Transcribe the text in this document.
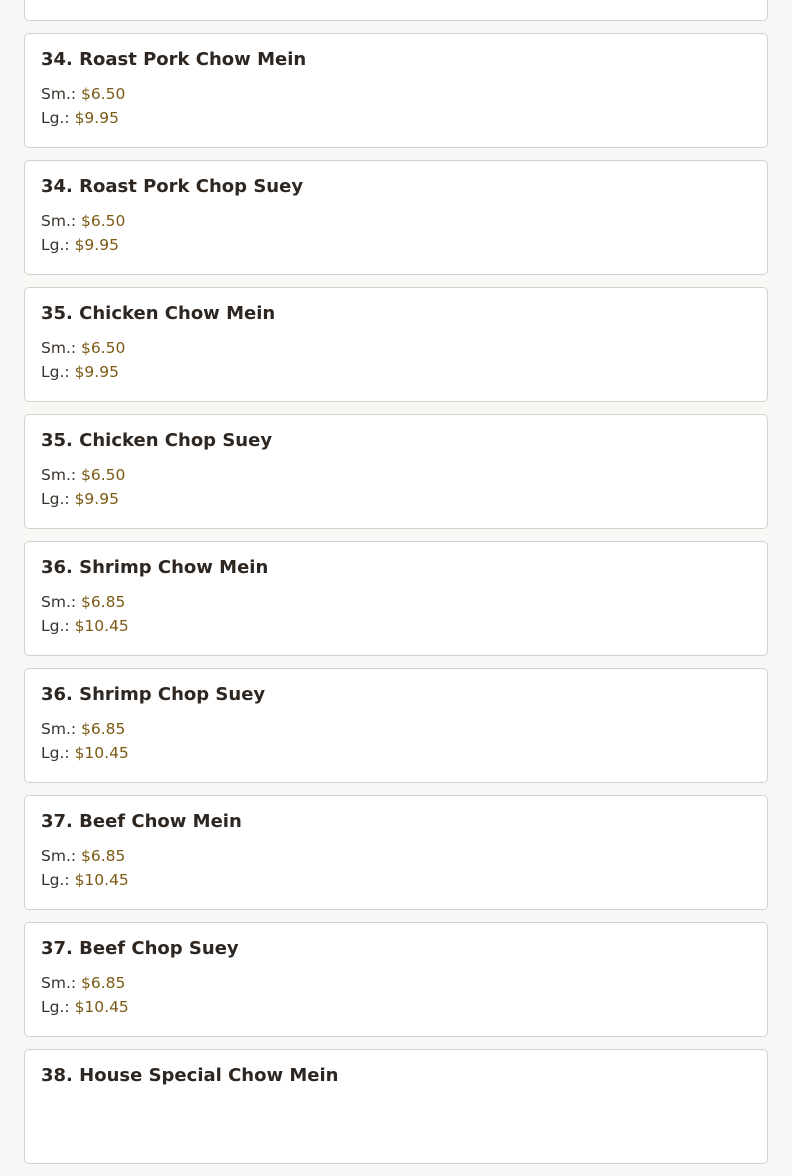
34. Roast Pork Chow Mein
Sm.: $6.50
Lg.: $9.95
34. Roast Pork Chop Suey
Sm.: $6.50
Lg.: $9.95
35. Chicken Chow Mein
Sm.: $6.50
Lg.: $9.95
35. Chicken Chop Suey
Sm.: $6.50
Lg.: $9.95
36. Shrimp Chow Mein
Sm.: $6.85
Lg.: $10.45
36. Shrimp Chop Suey
Sm.: $6.85
Lg.: $10.45
37. Beef Chow Mein
Sm.: $6.85
Lg.: $10.45
37. Beef Chop Suey
Sm.: $6.85
Lg.: $10.45
38. House Special Chow Mein
